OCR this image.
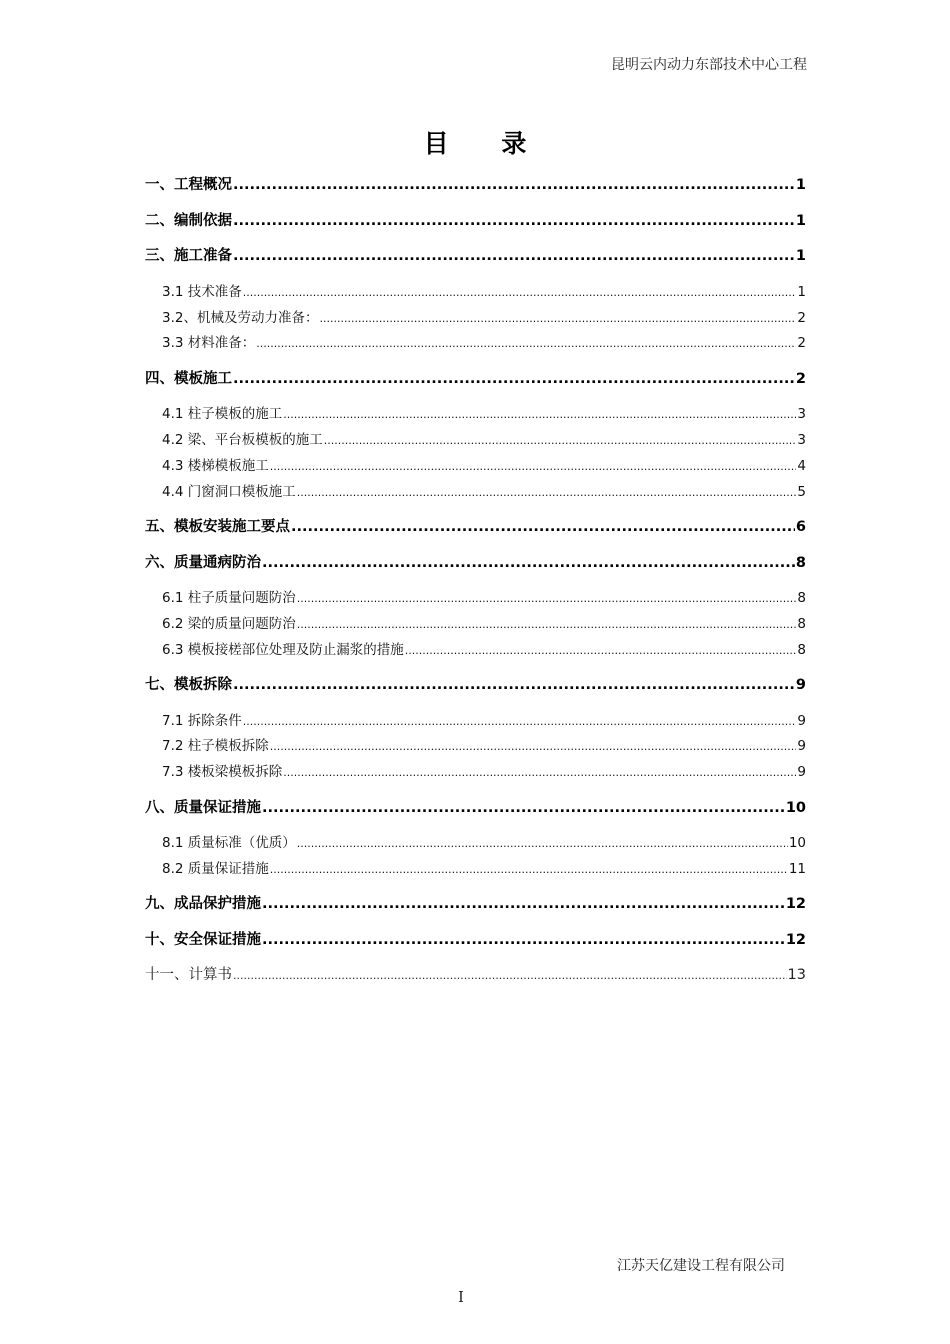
昆明云内动力东部技术中心工程
目 录
一、工程概况 .....	1
二、编制依据 .....	1
三、施工准备 .....	1
3.1 技术准备 .....	1
3.2、机械及劳动力准备： .....	2
3.3 材料准备： .....	2
四、模板施工 .....	2
4.1 柱子模板的施工 .....	3
4.2 梁、平台板模板的施工 .....	3
4.3 楼梯模板施工 .....	4
4.4 门窗洞口模板施工 .....	5
五、模板安装施工要点 .....	6
六、质量通病防治 .....	8
6.1 柱子质量问题防治 .....	8
6.2 梁的质量问题防治 .....	8
6.3 模板接槎部位处理及防止漏浆的措施 .....	8
七、模板拆除 .....	9
7.1 拆除条件 .....	9
7.2 柱子模板拆除 .....	9
7.3 楼板梁模板拆除 .....	9
八、质量保证措施 .....	10
8.1 质量标准（优质） .....	10
8.2 质量保证措施 .....	11
九、成品保护措施 .....	12
十、安全保证措施 .....	12
十一、计算书 .....	13
江苏天亿建设工程有限公司
I
